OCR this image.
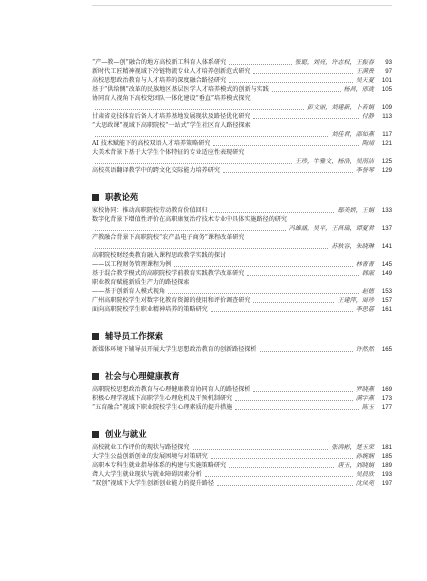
“产—教—创”融合的地方高校新工科育人体系研究	张聪，刘亮，许志权，王振春	93
新时代工匠精神视域下冷链物流专业人才培养创新范式研究	王满贵	97
高校思想政治教育与人才培养的深度融合路径研究	吴天夏	101
基于“供给侧”改革的民族地区基层医学人才培养模式的创新与实践	杨昌，邢珑	105
协同育人视角下高校党团队一体化建设“垂直”培养模式探究
彭文丽，刘建新，卜若娟	109
甘肃省竞技体育后备人才培养基地发展现状及路径优化研究	付静	113
“大思政课”视域下高职院校“一站式”学生社区育人路径探索
刘佳君，邵如燕	117
AI 技术赋能下的高校双语人才培养策略研究	陶靖	121
大美术背景下基于大学生个体特征的专业适应性表现研究
王珍，牛雅文，杨浩，吴雨洁	125
高校英语翻译教学中的跨文化交际能力培养研究	李誉琴	129
职教论苑
家校协同：推动高职院校劳动教育价值回归	鄢美娇，王娟	133
数字化背景下增值性评价在高职康复治疗技术专业中具体实施路径的研究
冯雄涵，吴平，王昌瑞，谭夏君	137
产教融合背景下高职院校“农产品电子商务”课程改革研究
苏秋容，朱晓琳	141
高职院校财经类教育融入课程思政教学实践的探讨
——以工程财务管理课程为例	林菁菁	145
基于混合教学模式的高职院校学前教育实践教学改革研究	韩淑	149
职业教育赋能新质生产力的路径探索
——基于创新育人模式视角	赵德	153
广州高职院校学生对数字化教育资源的使用和评价调查研究	王建萍，周珍	157
面向高职院校学生职业精神培养的策略研究	李思蓓	161
辅导员工作探索
新媒体环境下辅导员开展大学生思想政治教育的创新路径探析	许然然	165
社会与心理健康教育
高职院校思想政治教育与心理健康教育协同育人的路径探析	罗晓燕	169
积极心理学视域下高职学生心理危机及干预机制研究	满宇燕	173
“五育融合”视域下职业院校学生心理素质的提升措施	陈玉	177
创业与就业
高校就业工作评价的现状与路径探究	张鸿彬，楚玉荣	181
大学生公益创新创业的发展困境与对策研究	孙婉娴	185
高职本专科生就业指导体系的构建与实施策略研究	唐玉，刘晓娟	189
聋人大学生就业现状与就业障碍因素分析	吴晨欣	193
“双创”视域下大学生创新创业能力的提升路径	沈凤苑	197
